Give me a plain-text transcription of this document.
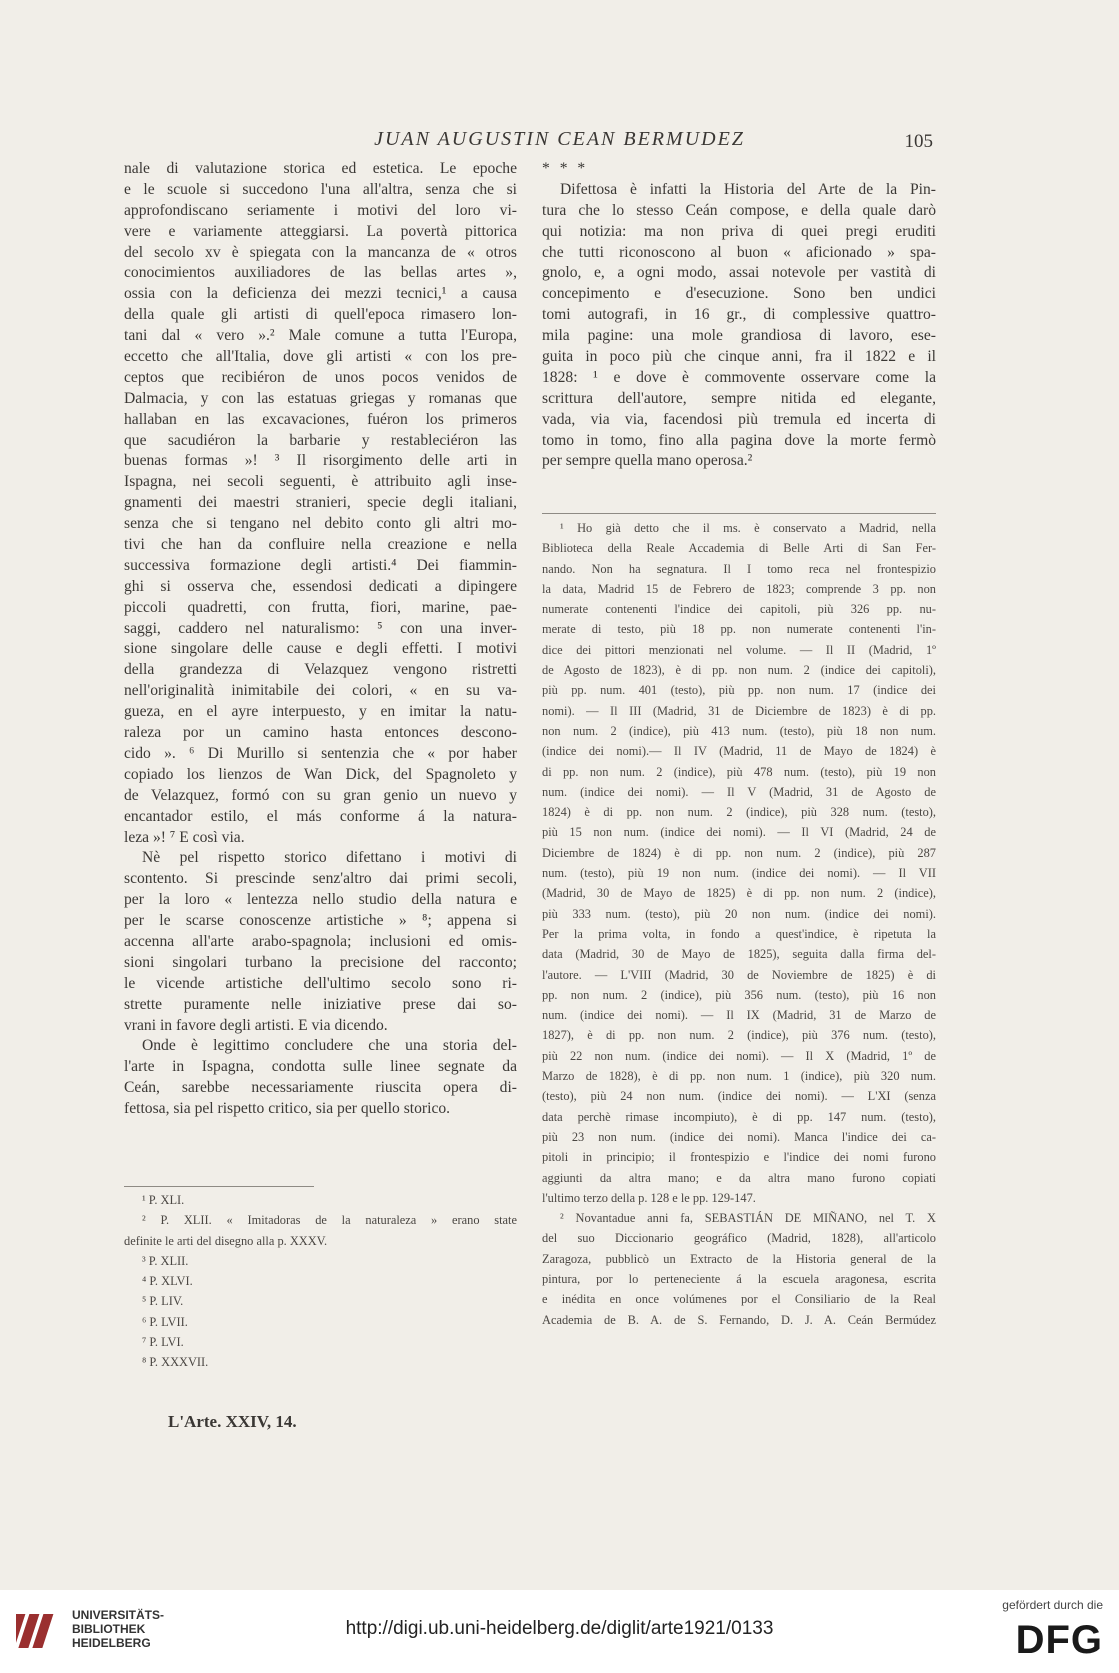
JUAN AUGUSTIN CEAN BERMUDEZ	105
nale di valutazione storica ed estetica. Le epoche
e le scuole si succedono l'una all'altra, senza che si
approfondiscano seriamente i motivi del loro vi-
vere e variamente atteggiarsi. La povertà pittorica
del secolo xv è spiegata con la mancanza de « otros
conocimientos auxiliadores de las bellas artes »,
ossia con la deficienza dei mezzi tecnici,¹ a causa
della quale gli artisti di quell'epoca rimasero lon-
tani dal « vero ».² Male comune a tutta l'Europa,
eccetto che all'Italia, dove gli artisti « con los pre-
ceptos que recibiéron de unos pocos venidos de
Dalmacia, y con las estatuas griegas y romanas que
hallaban en las excavaciones, fuéron los primeros
que sacudiéron la barbarie y restableciéron las
buenas formas »! ³ Il risorgimento delle arti in
Ispagna, nei secoli seguenti, è attribuito agli inse-
gnamenti dei maestri stranieri, specie degli italiani,
senza che si tengano nel debito conto gli altri mo-
tivi che han da confluire nella creazione e nella
successiva formazione degli artisti.⁴ Dei fiammin-
ghi si osserva che, essendosi dedicati a dipingere
piccoli quadretti, con frutta, fiori, marine, pae-
saggi, caddero nel naturalismo: ⁵ con una inver-
sione singolare delle cause e degli effetti. I motivi
della grandezza di Velazquez vengono ristretti
nell'originalità inimitabile dei colori, « en su va-
gueza, en el ayre interpuesto, y en imitar la natu-
raleza por un camino hasta entonces descono-
cido ». ⁶ Di Murillo si sentenzia che « por haber
copiado los lienzos de Wan Dick, del Spagnoleto y
de Velazquez, formó con su gran genio un nuevo y
encantador estilo, el más conforme á la natura-
leza »! ⁷ E così via.
Nè pel rispetto storico difettano i motivi di
scontento. Si prescinde senz'altro dai primi secoli,
per la loro « lentezza nello studio della natura e
per le scarse conoscenze artistiche » ⁸; appena si
accenna all'arte arabo-spagnola; inclusioni ed omis-
sioni singolari turbano la precisione del racconto;
le vicende artistiche dell'ultimo secolo sono ri-
strette puramente nelle iniziative prese dai so-
vrani in favore degli artisti. E via dicendo.
Onde è legittimo concludere che una storia del-
l'arte in Ispagna, condotta sulle linee segnate da
Ceán, sarebbe necessariamente riuscita opera di-
fettosa, sia pel rispetto critico, sia per quello storico.
¹ P. XLI.
² P. XLII. « Imitadoras de la naturaleza » erano state
definite le arti del disegno alla p. XXXV.
³ P. XLII.
⁴ P. XLVI.
⁵ P. LIV.
⁶ P. LVII.
⁷ P. LVI.
⁸ P. XXXVII.
L'Arte. XXIV, 14.
* * *
Difettosa è infatti la Historia del Arte de la Pin-
tura che lo stesso Ceán compose, e della quale darò
qui notizia: ma non priva di quei pregi eruditi
che tutti riconoscono al buon « aficionado » spa-
gnolo, e, a ogni modo, assai notevole per vastità di
concepimento e d'esecuzione. Sono ben undici
tomi autografi, in 16 gr., di complessive quattro-
mila pagine: una mole grandiosa di lavoro, ese-
guita in poco più che cinque anni, fra il 1822 e il
1828: ¹ e dove è commovente osservare come la
scrittura dell'autore, sempre nitida ed elegante,
vada, via via, facendosi più tremula ed incerta di
tomo in tomo, fino alla pagina dove la morte fermò
per sempre quella mano operosa.²
¹ Ho già detto che il ms. è conservato a Madrid, nella
Biblioteca della Reale Accademia di Belle Arti di San Fer-
nando. Non ha segnatura. Il I tomo reca nel frontespizio
la data, Madrid 15 de Febrero de 1823; comprende 3 pp. non
numerate contenenti l'indice dei capitoli, più 326 pp. nu-
merate di testo, più 18 pp. non numerate contenenti l'in-
dice dei pittori menzionati nel volume. — Il II (Madrid, 1º
de Agosto de 1823), è di pp. non num. 2 (indice dei capitoli),
più pp. num. 401 (testo), più pp. non num. 17 (indice dei
nomi). — Il III (Madrid, 31 de Diciembre de 1823) è di pp.
non num. 2 (indice), più 413 num. (testo), più 18 non num.
(indice dei nomi).— Il IV (Madrid, 11 de Mayo de 1824) è
di pp. non num. 2 (indice), più 478 num. (testo), più 19 non
num. (indice dei nomi). — Il V (Madrid, 31 de Agosto de
1824) è di pp. non num. 2 (indice), più 328 num. (testo),
più 15 non num. (indice dei nomi). — Il VI (Madrid, 24 de
Diciembre de 1824) è di pp. non num. 2 (indice), più 287
num. (testo), più 19 non num. (indice dei nomi). — Il VII
(Madrid, 30 de Mayo de 1825) è di pp. non num. 2 (indice),
più 333 num. (testo), più 20 non num. (indice dei nomi).
Per la prima volta, in fondo a quest'indice, è ripetuta la
data (Madrid, 30 de Mayo de 1825), seguita dalla firma del-
l'autore. — L'VIII (Madrid, 30 de Noviembre de 1825) è di
pp. non num. 2 (indice), più 356 num. (testo), più 16 non
num. (indice dei nomi). — Il IX (Madrid, 31 de Marzo de
1827), è di pp. non num. 2 (indice), più 376 num. (testo),
più 22 non num. (indice dei nomi). — Il X (Madrid, 1º de
Marzo de 1828), è di pp. non num. 1 (indice), più 320 num.
(testo), più 24 non num. (indice dei nomi). — L'XI (senza
data perchè rimase incompiuto), è di pp. 147 num. (testo),
più 23 non num. (indice dei nomi). Manca l'indice dei ca-
pitoli in principio; il frontespizio e l'indice dei nomi furono
aggiunti da altra mano; e da altra mano furono copiati
l'ultimo terzo della p. 128 e le pp. 129-147.
² Novantadue anni fa, SEBASTIÁN DE MIÑANO, nel T. X
del suo Diccionario geográfico (Madrid, 1828), all'articolo
Zaragoza, pubblicò un Extracto de la Historia general de la
pintura, por lo perteneciente á la escuela aragonesa, escrita
e inédita en once volúmenes por el Consiliario de la Real
Academia de B. A. de S. Fernando, D. J. A. Ceán Bermúdez
UNIVERSITÄTS-
BIBLIOTHEK
HEIDELBERG
http://digi.ub.uni-heidelberg.de/diglit/arte1921/0133
gefördert durch die
DFG
